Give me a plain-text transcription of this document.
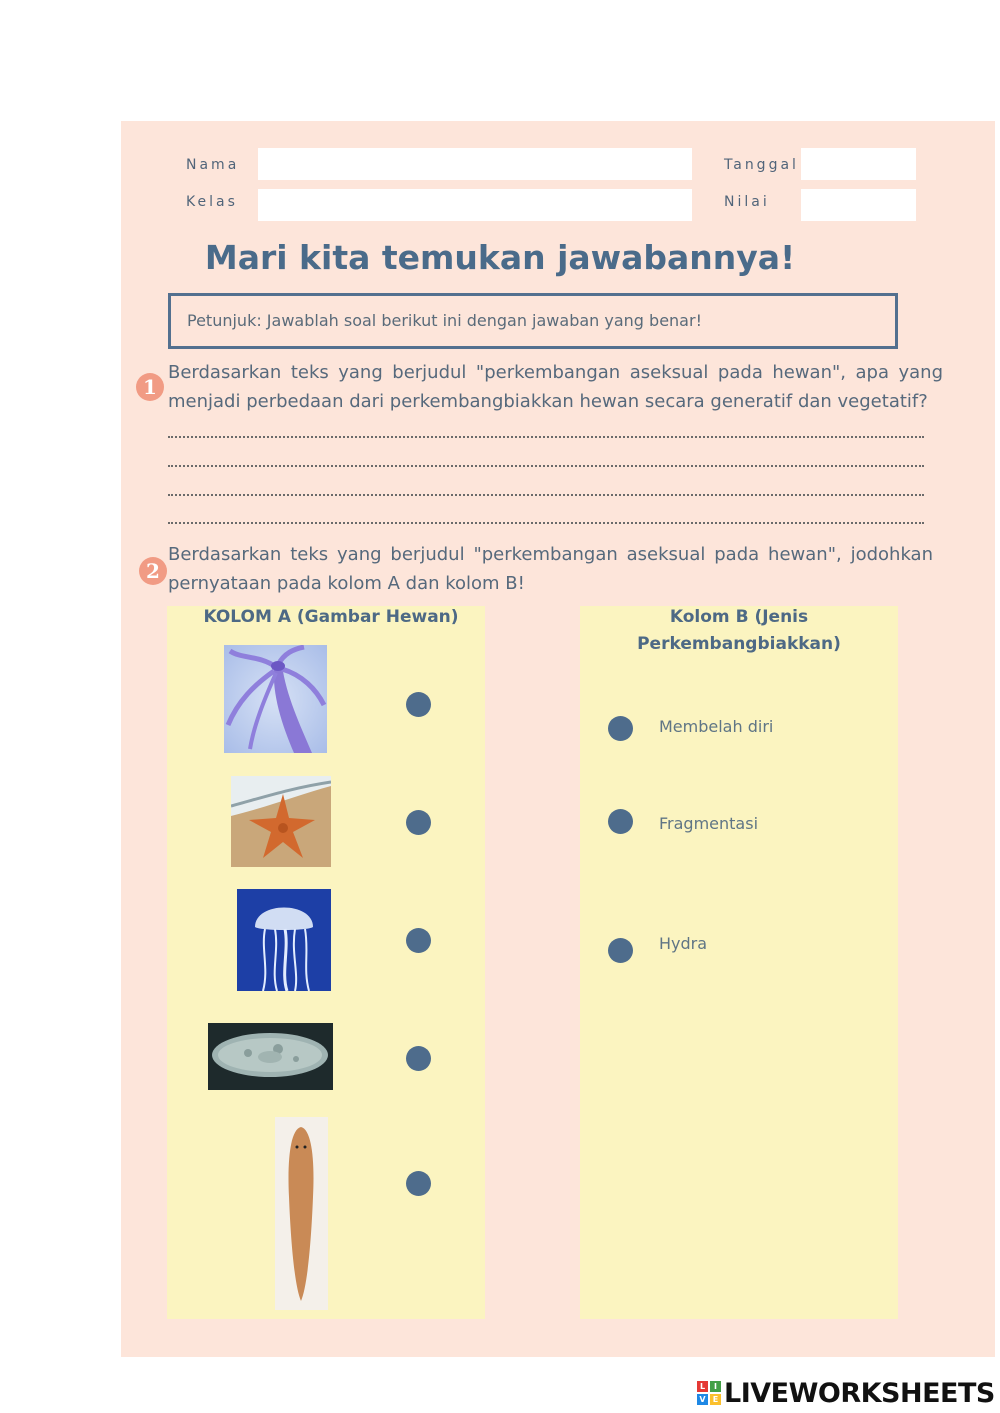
Nama
Kelas
Tanggal
Nilai
Mari kita temukan jawabannya!
Petunjuk: Jawablah soal berikut ini dengan jawaban yang benar!
1
Berdasarkan teks yang berjudul "perkembangan aseksual pada hewan", apa yang menjadi perbedaan dari perkembangbiakkan hewan secara generatif dan vegetatif?
2
Berdasarkan teks yang berjudul "perkembangan aseksual pada hewan", jodohkan pernyataan pada kolom A dan kolom B!
KOLOM A (Gambar Hewan)	Kolom B (Jenis
Perkembangbiakkan)
Membelah diri
Fragmentasi
Hydra
L	I
V E LIVEWORKSHEETS
